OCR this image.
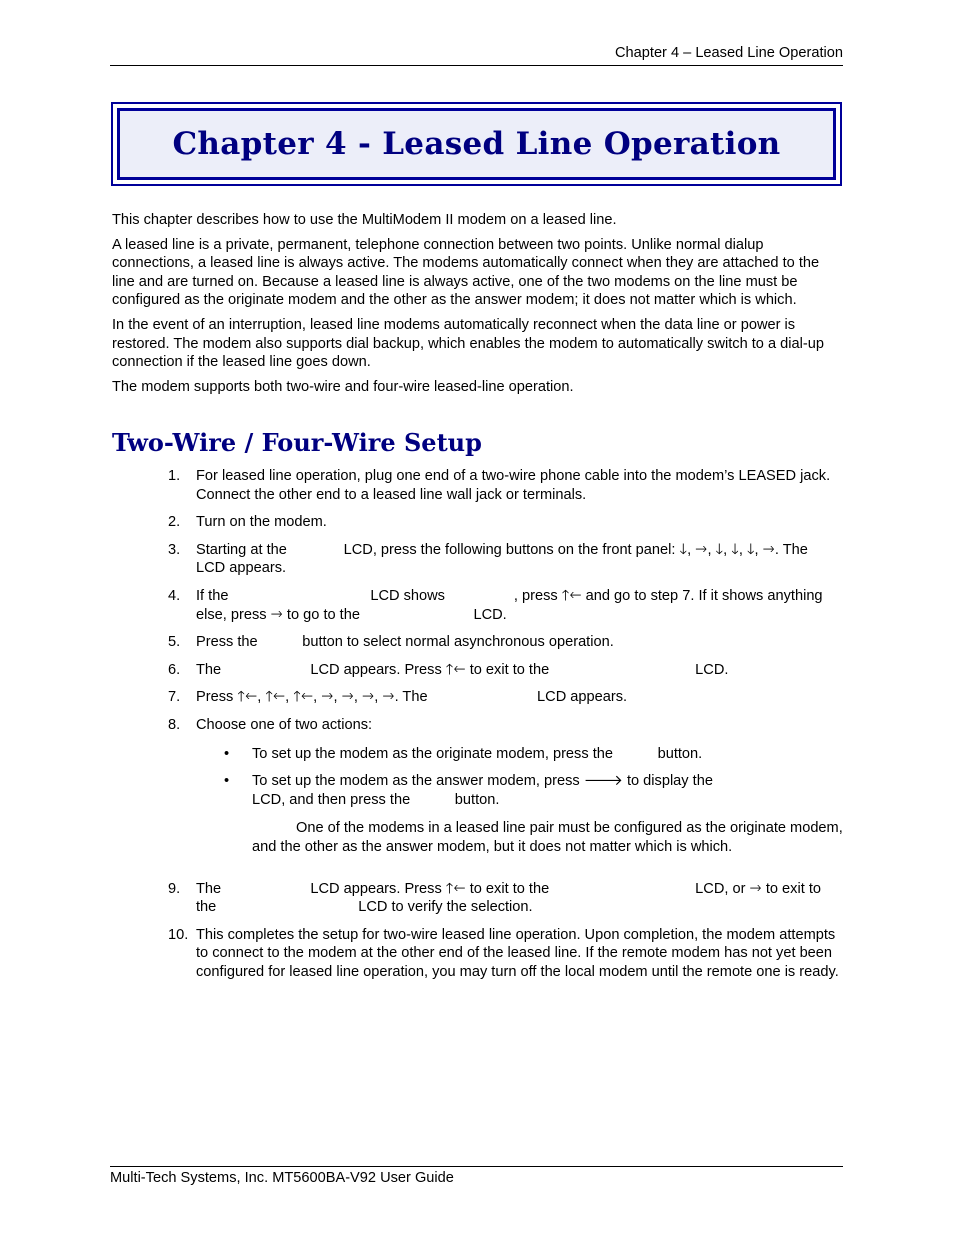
Chapter 4 – Leased Line Operation
Chapter 4 - Leased Line Operation

This chapter describes how to use the MultiModem II modem on a leased line.

A leased line is a private, permanent, telephone connection between two points. Unlike normal dialup connections, a leased line is always active. The modems automatically connect when they are attached to the line and are turned on. Because a leased line is always active, one of the two modems on the line must be configured as the originate modem and the other as the answer modem; it does not matter which is which.

In the event of an interruption, leased line modems automatically reconnect when the data line or power is restored. The modem also supports dial backup, which enables the modem to automatically switch to a dial-up connection if the leased line goes down.

The modem supports both two-wire and four-wire leased-line operation.

Two-Wire / Four-Wire Setup
1.	For leased line operation, plug one end of a two-wire phone cable into the modem’s LEASED jack. Connect the other end to a leased line wall jack or terminals.
2.	Turn on the modem.
3.	Starting at the              LCD, press the following buttons on the front panel: 🡓, 🡒, 🡓, 🡓, 🡓, 🡒. The                                   LCD appears.
4.	If the                                   LCD shows                 , press 🡑🡐 and go to step 7. If it shows anything else, press 🡒 to go to the                            LCD.
5.	Press the           button to select normal asynchronous operation.
6.	The                      LCD appears. Press 🡑🡐 to exit to the                                    LCD.
7.	Press 🡑🡐, 🡑🡐, 🡑🡐, 🡒, 🡒, 🡒, 🡒. The                           LCD appears.
8.	Choose one of two actions:
•	To set up the modem as the originate modem, press the           button.
•	To set up the modem as the answer modem, press 🡒 to display the                                   LCD, and then press the           button.
One of the modems in a leased line pair must be configured as the originate modem, and the other as the answer modem, but it does not matter which is which.
9.	The                      LCD appears. Press 🡑🡐 to exit to the                                    LCD, or 🡒 to exit to the                                   LCD to verify the selection.
10. This completes the setup for two-wire leased line operation. Upon completion, the modem attempts to connect to the modem at the other end of the leased line. If the remote modem has not yet been configured for leased line operation, you may turn off the local modem until the remote one is ready.
Multi-Tech Systems, Inc. MT5600BA-V92 User Guide
